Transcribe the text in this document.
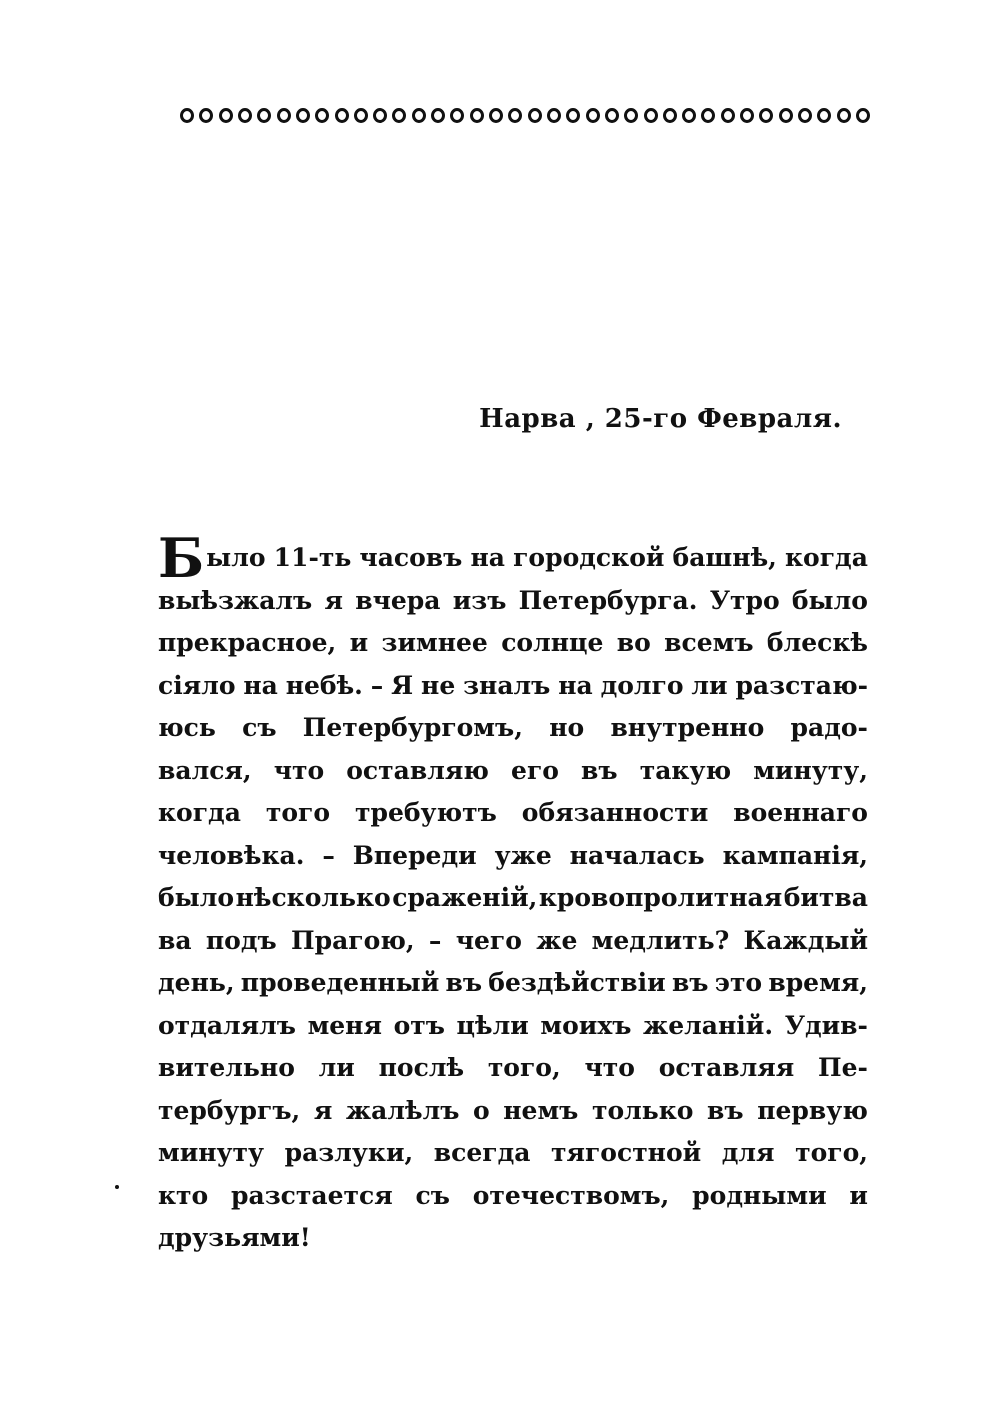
Нарва , 25-го Февраля.
Было 11-ть часовъ на городской башнѣ, когда
выѣзжалъ я вчера изъ Петербурга. Утро было
прекрасное, и зимнее солнце во всемъ блескѣ
сіяло на небѣ. – Я не зналъ на долго ли разстаю-
юсь съ Петербургомъ, но внутренно радо-
вался, что оставляю его въ такую минуту,
когда того требуютъ обязанности военнаго
человѣка. – Впереди уже началась кампанія,
было нѣсколько сраженій, кровопролитная битва
ва подъ Прагою, – чего же медлить? Каждый
день, проведенный въ бездѣйствіи въ это время,
отдалялъ меня отъ цѣли моихъ желаній. Удив-
вительно ли послѣ того, что оставляя Пе-
тербургъ, я жалѣлъ о немъ только въ первую
минуту разлуки, всегда тягостной для того,
кто разстается съ отечествомъ, родными и
друзьями!
